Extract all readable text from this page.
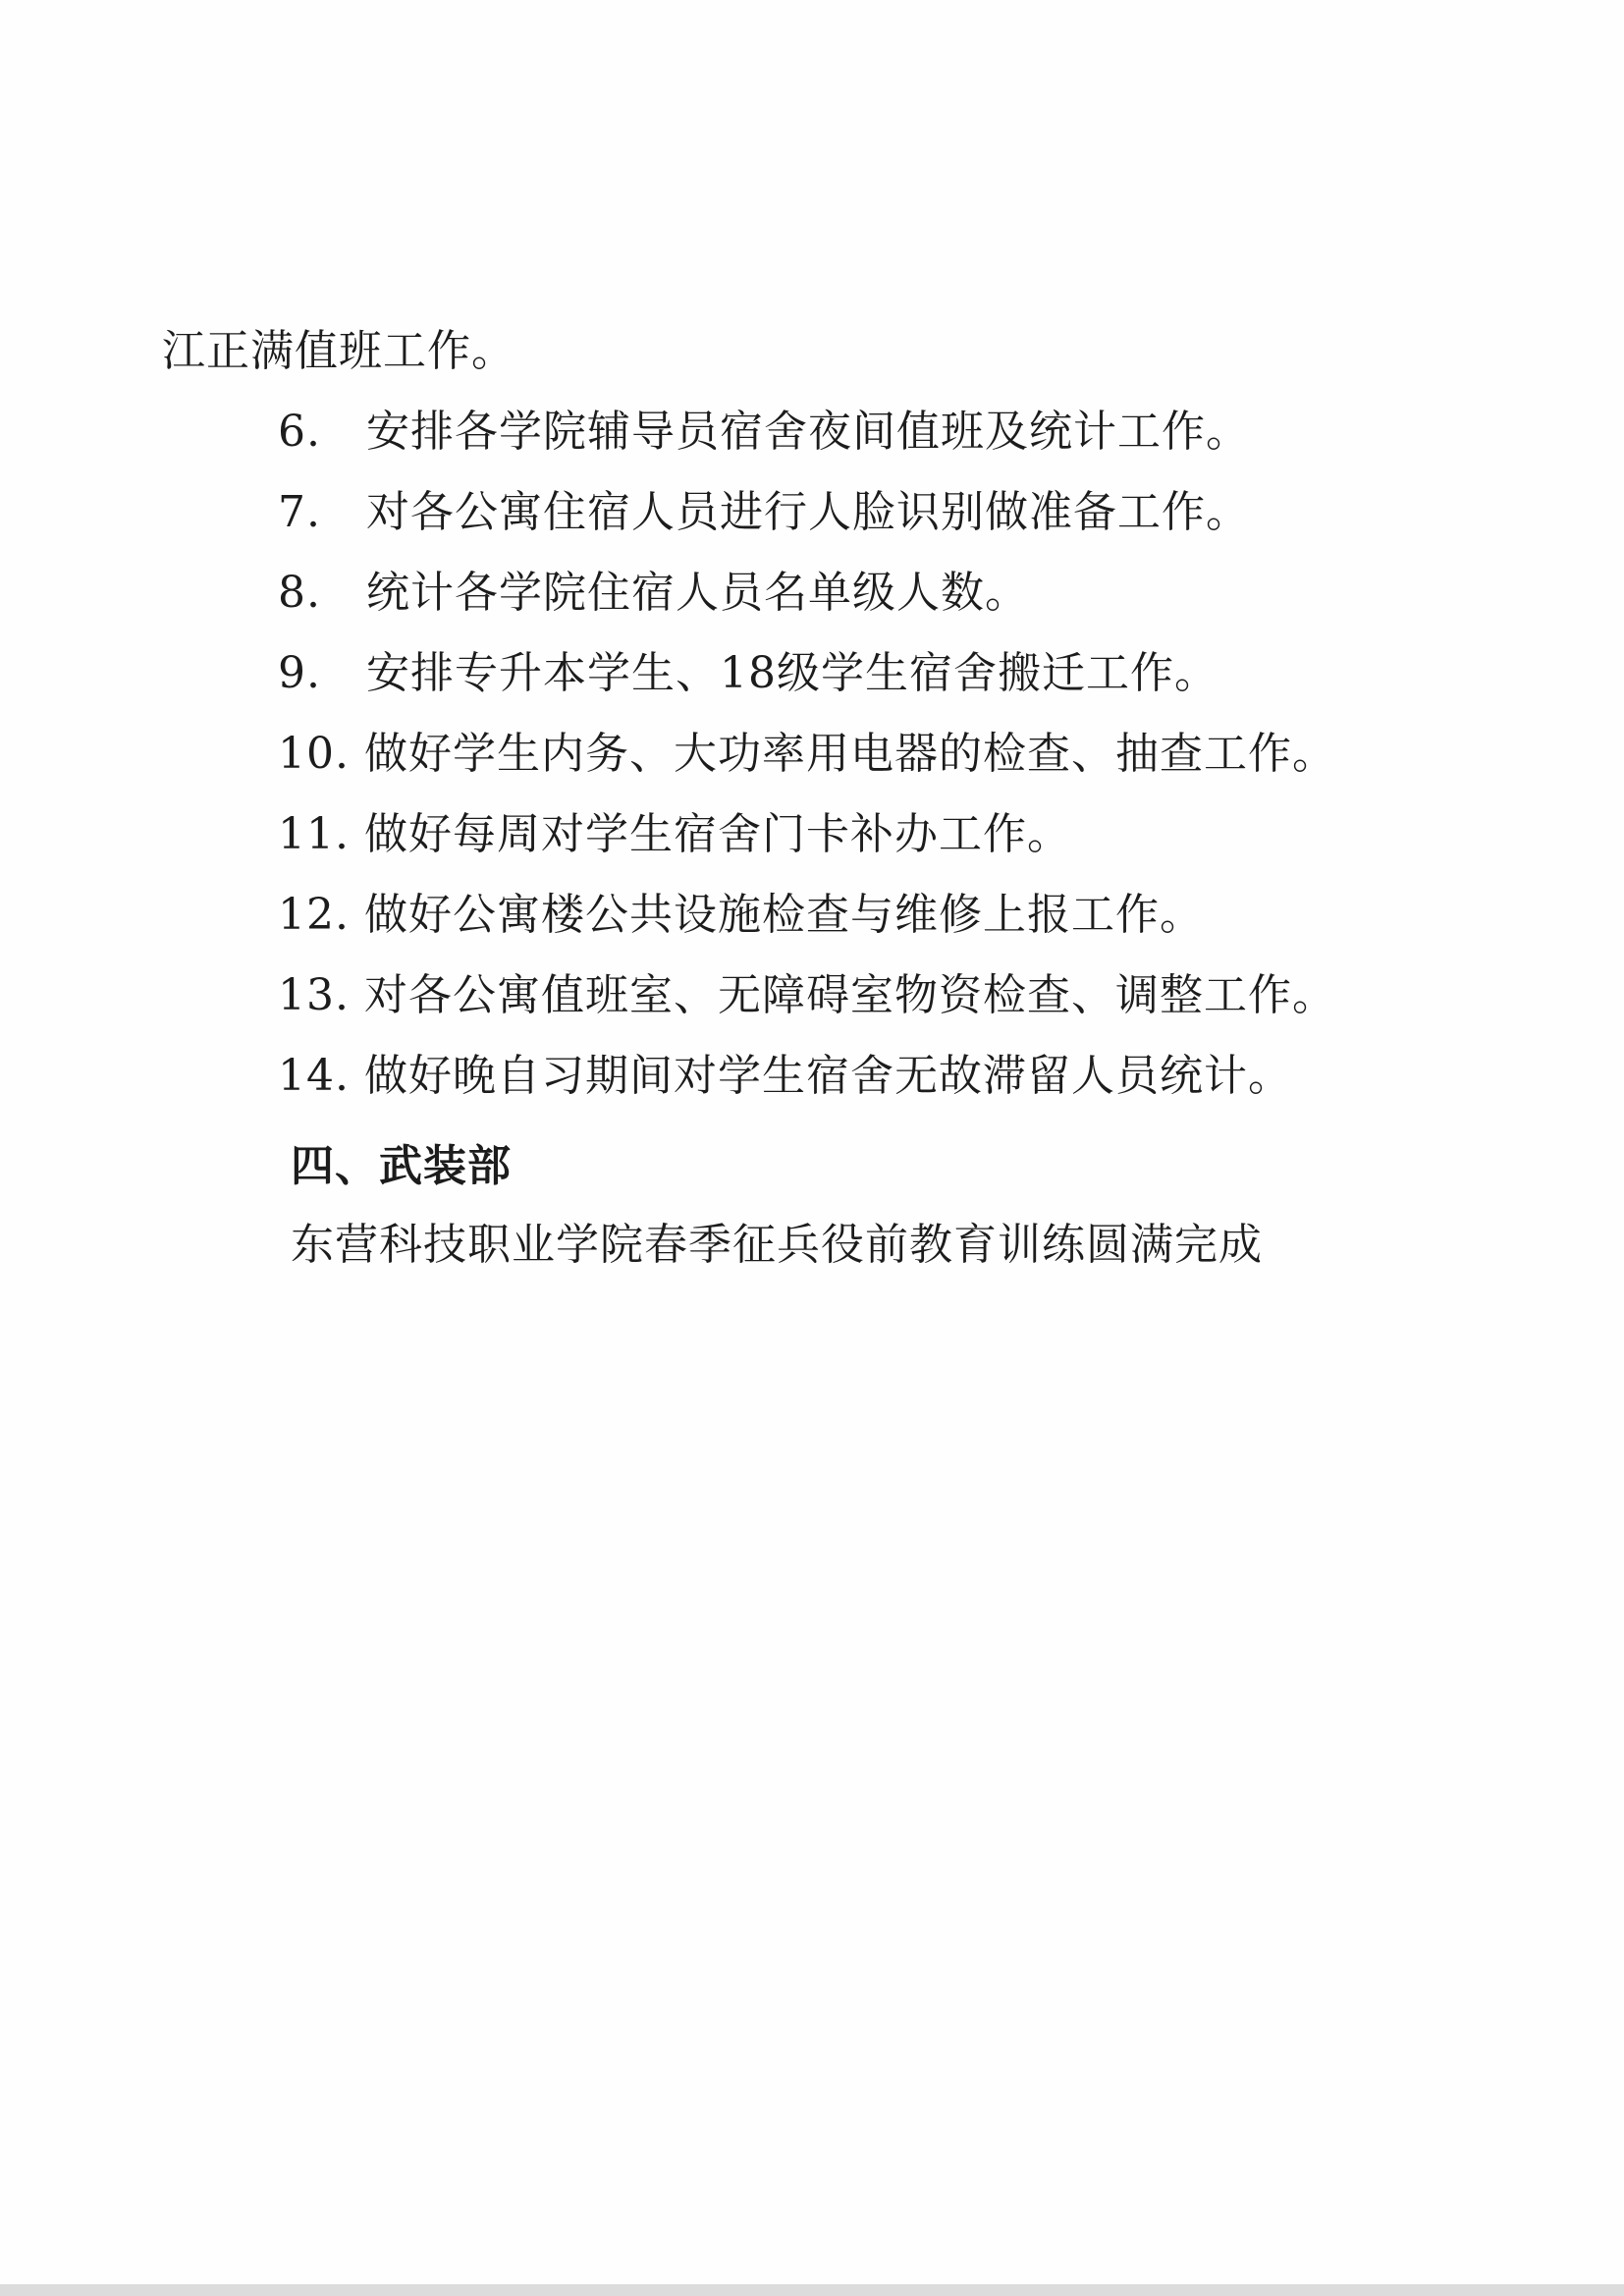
江正满值班工作。
6. 安排各学院辅导员宿舍夜间值班及统计工作。
7. 对各公寓住宿人员进行人脸识别做准备工作。
8. 统计各学院住宿人员名单级人数。
9. 安排专升本学生、18级学生宿舍搬迁工作。
10. 做好学生内务、大功率用电器的检查、抽查工作。
11. 做好每周对学生宿舍门卡补办工作。
12. 做好公寓楼公共设施检查与维修上报工作。
13. 对各公寓值班室、无障碍室物资检查、调整工作。
14. 做好晚自习期间对学生宿舍无故滞留人员统计。
四、武装部
东营科技职业学院春季征兵役前教育训练圆满完成
